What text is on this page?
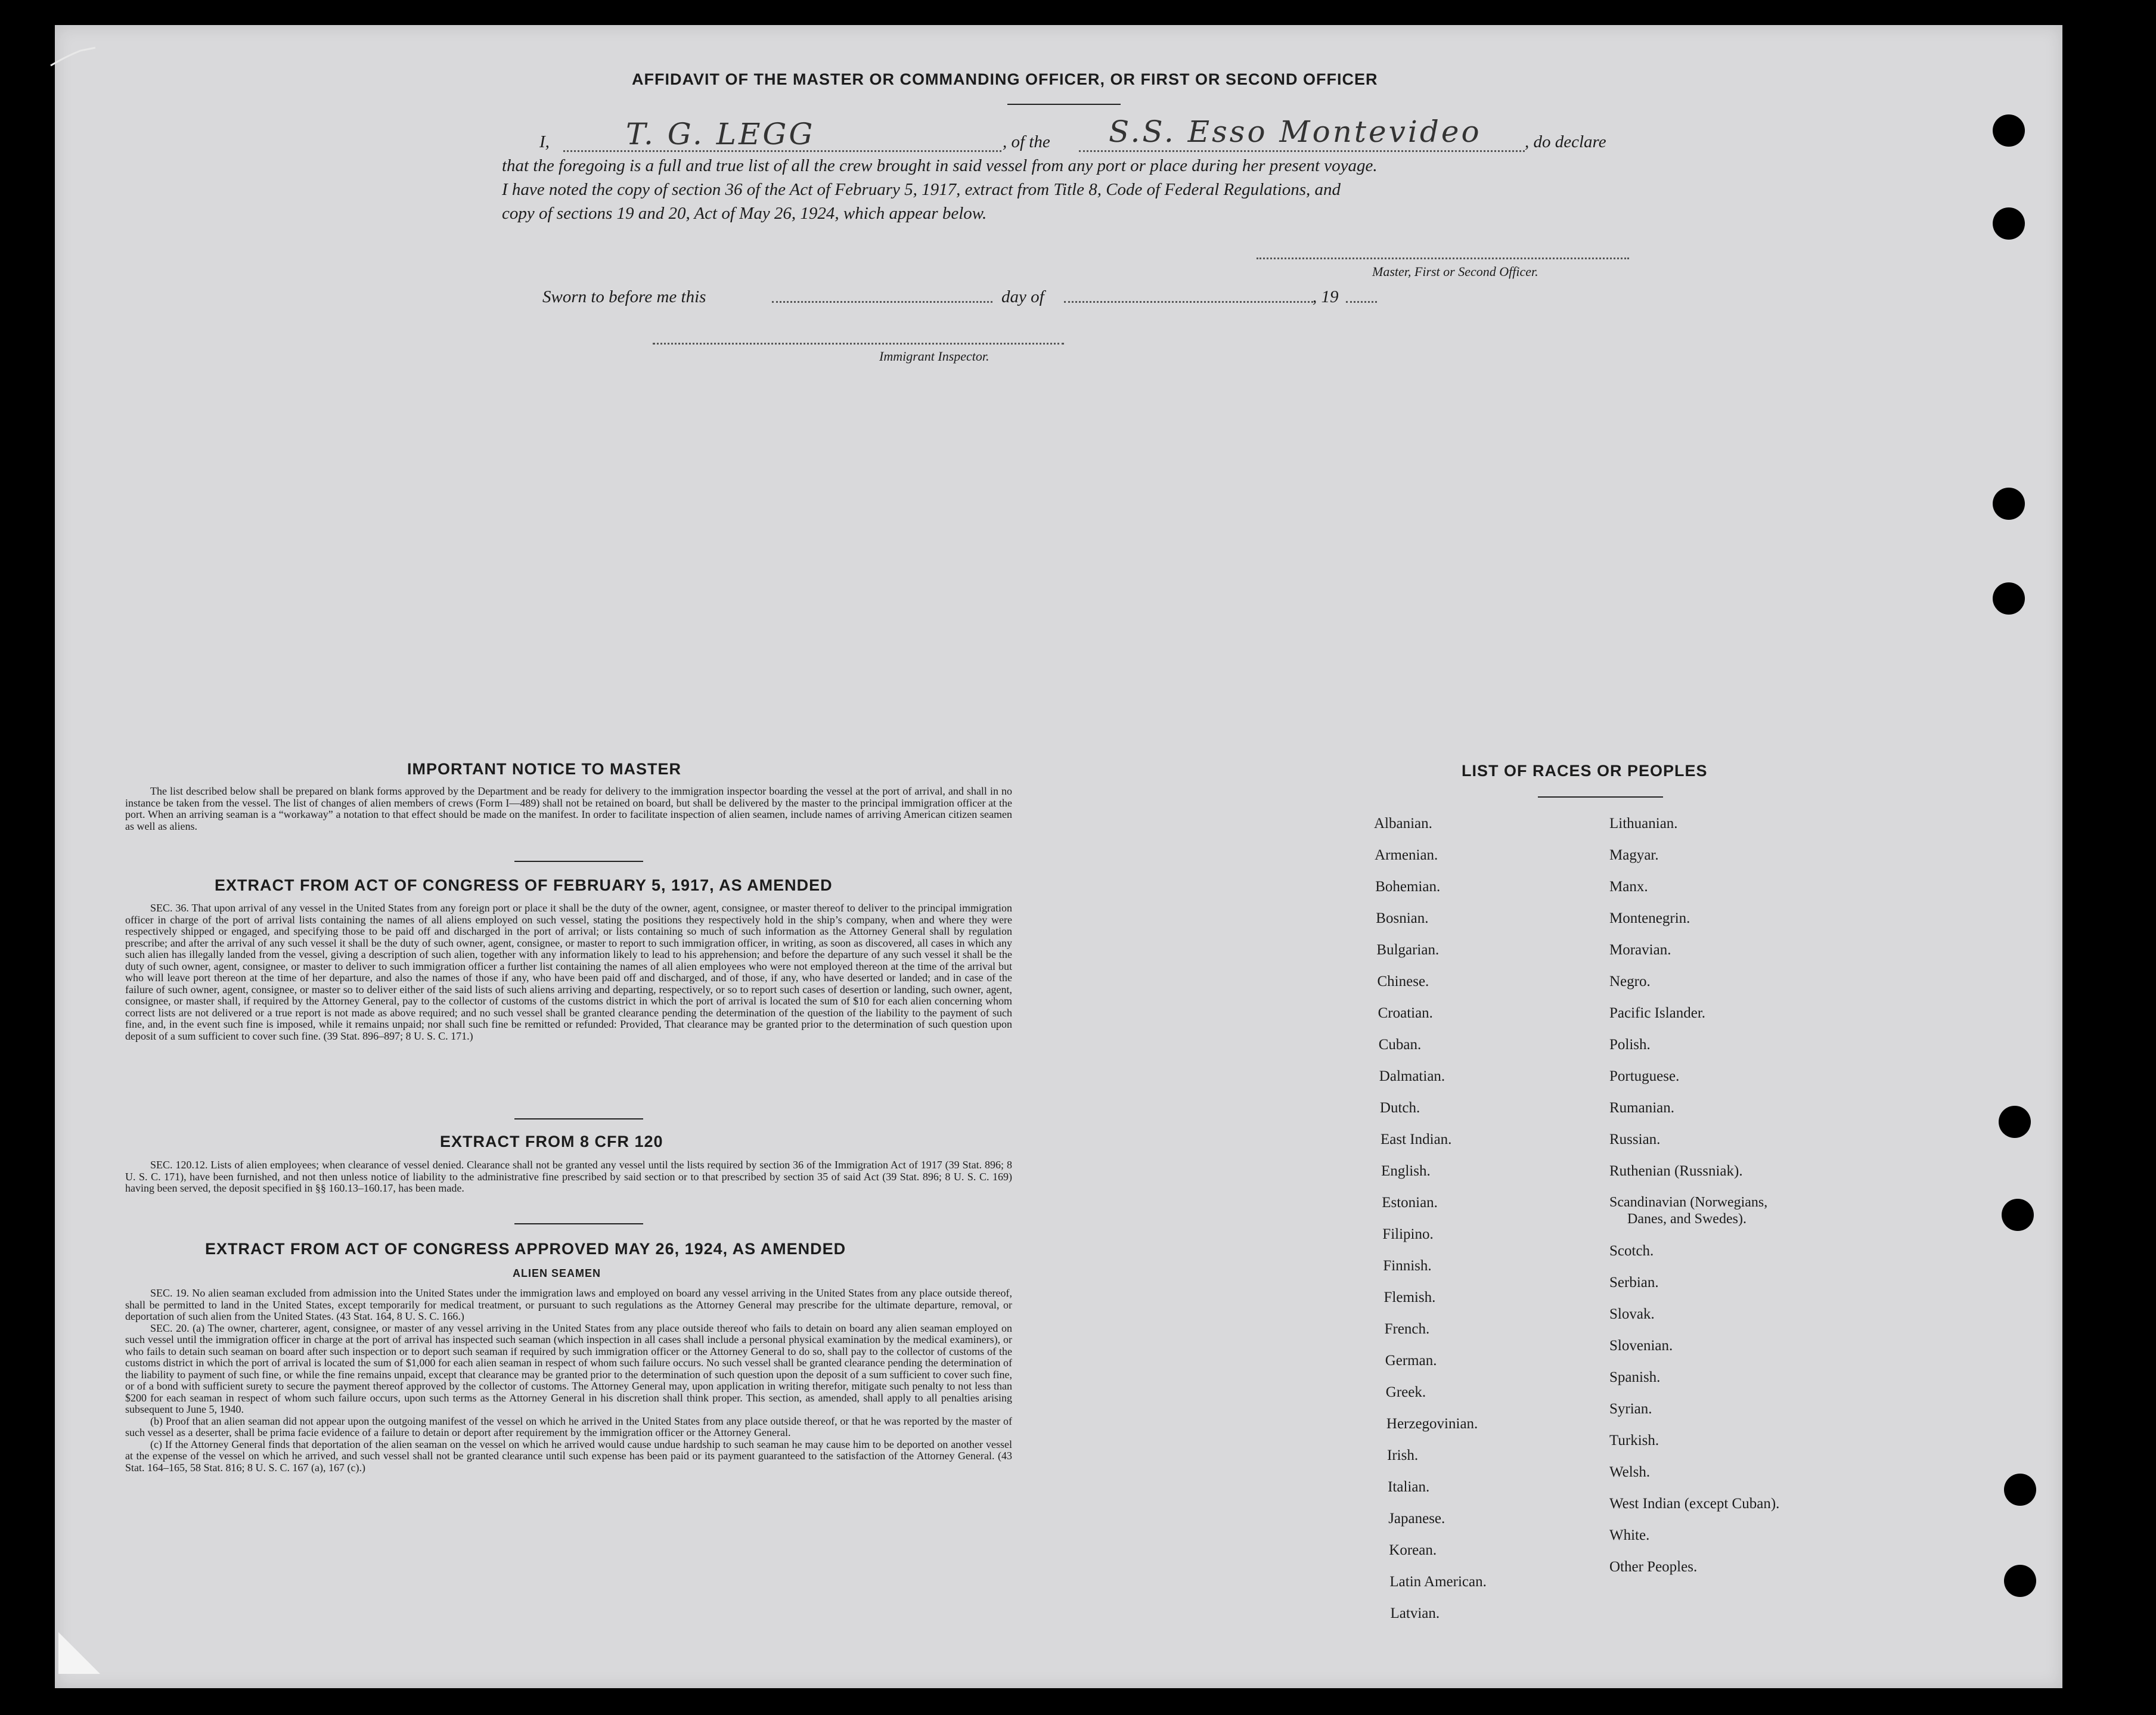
AFFIDAVIT OF THE MASTER OR COMMANDING OFFICER, OR FIRST OR SECOND OFFICER
I,	T. G. LEGG	, of the S.S. Esso Montevideo , do declare
that the foregoing is a full and true list of all the crew brought in said vessel from any port or place during her present voyage.
I have noted the copy of section 36 of the Act of February 5, 1917, extract from Title 8, Code of Federal Regulations, and
copy of sections 19 and 20, Act of May 26, 1924, which appear below.
Master, First or Second Officer.
Sworn to before me this	day of	, 19
Immigrant Inspector.
IMPORTANT NOTICE TO MASTER

The list described below shall be prepared on blank forms approved by the Department and be ready for delivery to the immigration inspector boarding the vessel at the port of arrival, and shall in no instance be taken from the vessel. The list of changes of alien members of crews (Form I—489) shall not be retained on board, but shall be delivered by the master to the principal immigration officer at the port. When an arriving seaman is a “workaway” a notation to that effect should be made on the manifest. In order to facilitate inspection of alien seamen, include names of arriving American citizen seamen as well as aliens.

EXTRACT FROM ACT OF CONGRESS OF FEBRUARY 5, 1917, AS AMENDED

SEC. 36. That upon arrival of any vessel in the United States from any foreign port or place it shall be the duty of the owner, agent, consignee, or master thereof to deliver to the principal immigration officer in charge of the port of arrival lists containing the names of all aliens employed on such vessel, stating the positions they respectively hold in the ship’s company, when and where they were respectively shipped or engaged, and specifying those to be paid off and discharged in the port of arrival; or lists containing so much of such information as the Attorney General shall by regulation prescribe; and after the arrival of any such vessel it shall be the duty of such owner, agent, consignee, or master to report to such immigration officer, in writing, as soon as discovered, all cases in which any such alien has illegally landed from the vessel, giving a description of such alien, together with any information likely to lead to his apprehension; and before the departure of any such vessel it shall be the duty of such owner, agent, consignee, or master to deliver to such immigration officer a further list containing the names of all alien employees who were not employed thereon at the time of the arrival but who will leave port thereon at the time of her departure, and also the names of those if any, who have been paid off and discharged, and of those, if any, who have deserted or landed; and in case of the failure of such owner, agent, consignee, or master so to deliver either of the said lists of such aliens arriving and departing, respectively, or so to report such cases of desertion or landing, such owner, agent, consignee, or master shall, if required by the Attorney General, pay to the collector of customs of the customs district in which the port of arrival is located the sum of $10 for each alien concerning whom correct lists are not delivered or a true report is not made as above required; and no such vessel shall be granted clearance pending the determination of the question of the liability to the payment of such fine, and, in the event such fine is imposed, while it remains unpaid; nor shall such fine be remitted or refunded: Provided, That clearance may be granted prior to the determination of such question upon deposit of a sum sufficient to cover such fine. (39 Stat. 896–897; 8 U. S. C. 171.)

EXTRACT FROM 8 CFR 120

SEC. 120.12. Lists of alien employees; when clearance of vessel denied. Clearance shall not be granted any vessel until the lists required by section 36 of the Immigration Act of 1917 (39 Stat. 896; 8 U. S. C. 171), have been furnished, and not then unless notice of liability to the administrative fine prescribed by said section or to that prescribed by section 35 of said Act (39 Stat. 896; 8 U. S. C. 169) having been served, the deposit specified in §§ 160.13–160.17, has been made.

EXTRACT FROM ACT OF CONGRESS APPROVED MAY 26, 1924, AS AMENDED
ALIEN SEAMEN

SEC. 19. No alien seaman excluded from admission into the United States under the immigration laws and employed on board any vessel arriving in the United States from any place outside thereof, shall be permitted to land in the United States, except temporarily for medical treatment, or pursuant to such regulations as the Attorney General may prescribe for the ultimate departure, removal, or deportation of such alien from the United States. (43 Stat. 164, 8 U. S. C. 166.)

SEC. 20. (a) The owner, charterer, agent, consignee, or master of any vessel arriving in the United States from any place outside thereof who fails to detain on board any alien seaman employed on such vessel until the immigration officer in charge at the port of arrival has inspected such seaman (which inspection in all cases shall include a personal physical examination by the medical examiners), or who fails to detain such seaman on board after such inspection or to deport such seaman if required by such immigration officer or the Attorney General to do so, shall pay to the collector of customs of the customs district in which the port of arrival is located the sum of $1,000 for each alien seaman in respect of whom such failure occurs. No such vessel shall be granted clearance pending the determination of the liability to payment of such fine, or while the fine remains unpaid, except that clearance may be granted prior to the determination of such question upon the deposit of a sum sufficient to cover such fine, or of a bond with sufficient surety to secure the payment thereof approved by the collector of customs. The Attorney General may, upon application in writing therefor, mitigate such penalty to not less than $200 for each seaman in respect of whom such failure occurs, upon such terms as the Attorney General in his discretion shall think proper. This section, as amended, shall apply to all penalties arising subsequent to June 5, 1940.

(b) Proof that an alien seaman did not appear upon the outgoing manifest of the vessel on which he arrived in the United States from any place outside thereof, or that he was reported by the master of such vessel as a deserter, shall be prima facie evidence of a failure to detain or deport after requirement by the immigration officer or the Attorney General.

(c) If the Attorney General finds that deportation of the alien seaman on the vessel on which he arrived would cause undue hardship to such seaman he may cause him to be deported on another vessel at the expense of the vessel on which he arrived, and such vessel shall not be granted clearance until such expense has been paid or its payment guaranteed to the satisfaction of the Attorney General. (43 Stat. 164–165, 58 Stat. 816; 8 U. S. C. 167 (a), 167 (c).)

LIST OF RACES OR PEOPLES
Albanian.
Armenian.
Bohemian.
Bosnian.
Bulgarian.
Chinese.
Croatian.
Cuban.
Dalmatian.
Dutch.
East Indian.
English.
Estonian.
Filipino.
Finnish.
Flemish.
French.
German.
Greek.
Herzegovinian.
Irish.
Italian.
Japanese.
Korean.
Latin American.
Latvian.
Lithuanian.
Magyar.
Manx.
Montenegrin.
Moravian.
Negro.
Pacific Islander.
Polish.
Portuguese.
Rumanian.
Russian.
Ruthenian (Russniak).
Scandinavian (Norwegians,
Danes, and Swedes).
Scotch.
Serbian.
Slovak.
Slovenian.
Spanish.
Syrian.
Turkish.
Welsh.
West Indian (except Cuban).
White.
Other Peoples.
